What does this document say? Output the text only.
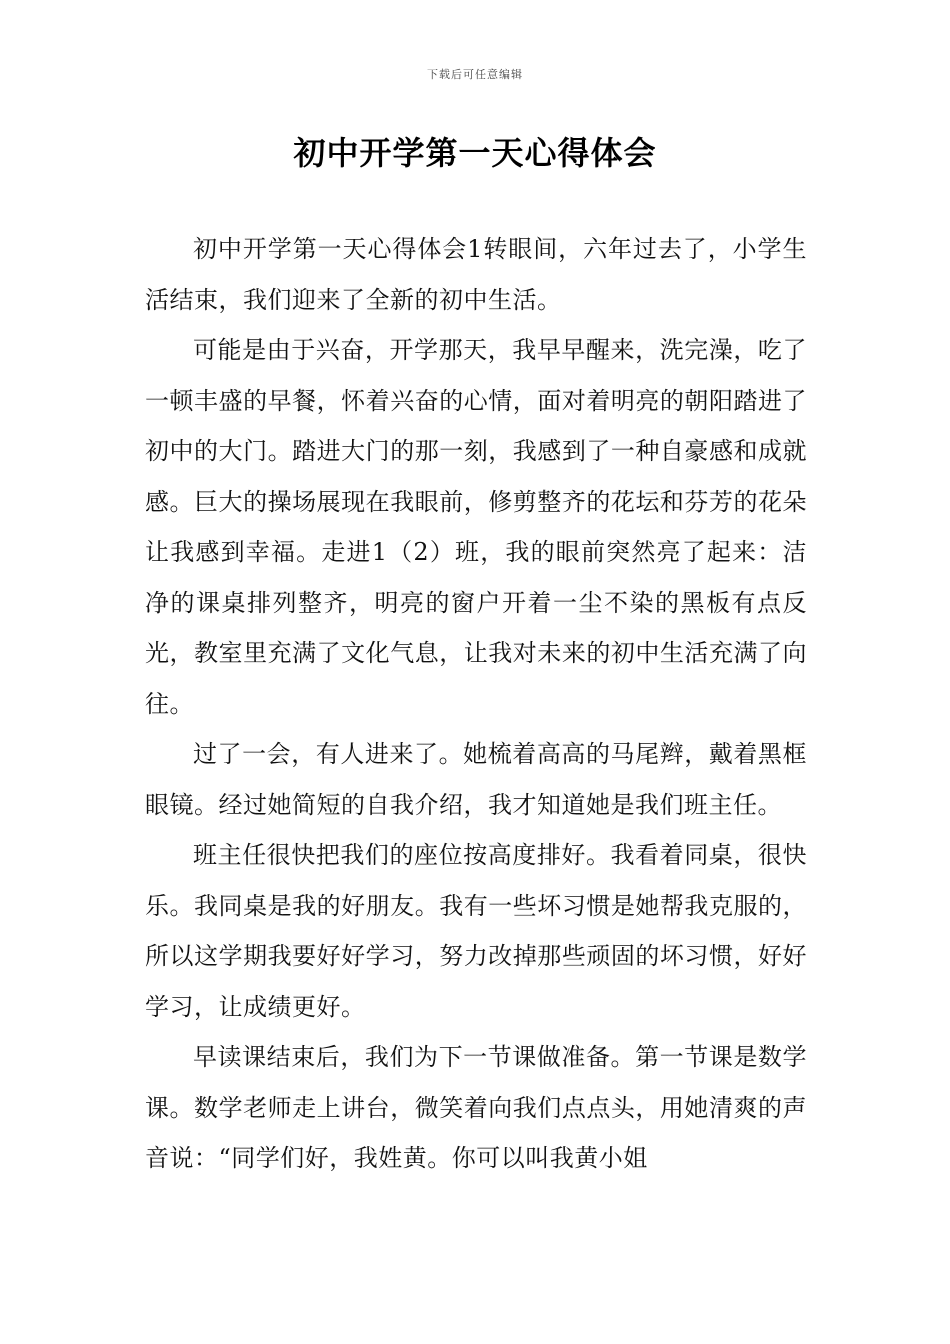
下载后可任意编辑
初中开学第一天心得体会

初中开学第一天心得体会1转眼间，六年过去了，小学生活结束，我们迎来了全新的初中生活。

可能是由于兴奋，开学那天，我早早醒来，洗完澡，吃了一顿丰盛的早餐，怀着兴奋的心情，面对着明亮的朝阳踏进了初中的大门。踏进大门的那一刻，我感到了一种自豪感和成就感。巨大的操场展现在我眼前，修剪整齐的花坛和芬芳的花朵让我感到幸福。走进1（2）班，我的眼前突然亮了起来：洁净的课桌排列整齐，明亮的窗户开着一尘不染的黑板有点反光，教室里充满了文化气息，让我对未来的初中生活充满了向往。

过了一会，有人进来了。她梳着高高的马尾辫，戴着黑框眼镜。经过她简短的自我介绍，我才知道她是我们班主任。

班主任很快把我们的座位按高度排好。我看着同桌，很快乐。我同桌是我的好朋友。我有一些坏习惯是她帮我克服的，所以这学期我要好好学习，努力改掉那些顽固的坏习惯，好好学习，让成绩更好。

早读课结束后，我们为下一节课做准备。第一节课是数学课。数学老师走上讲台，微笑着向我们点点头，用她清爽的声音说：“同学们好，我姓黄。你可以叫我黄小姐
